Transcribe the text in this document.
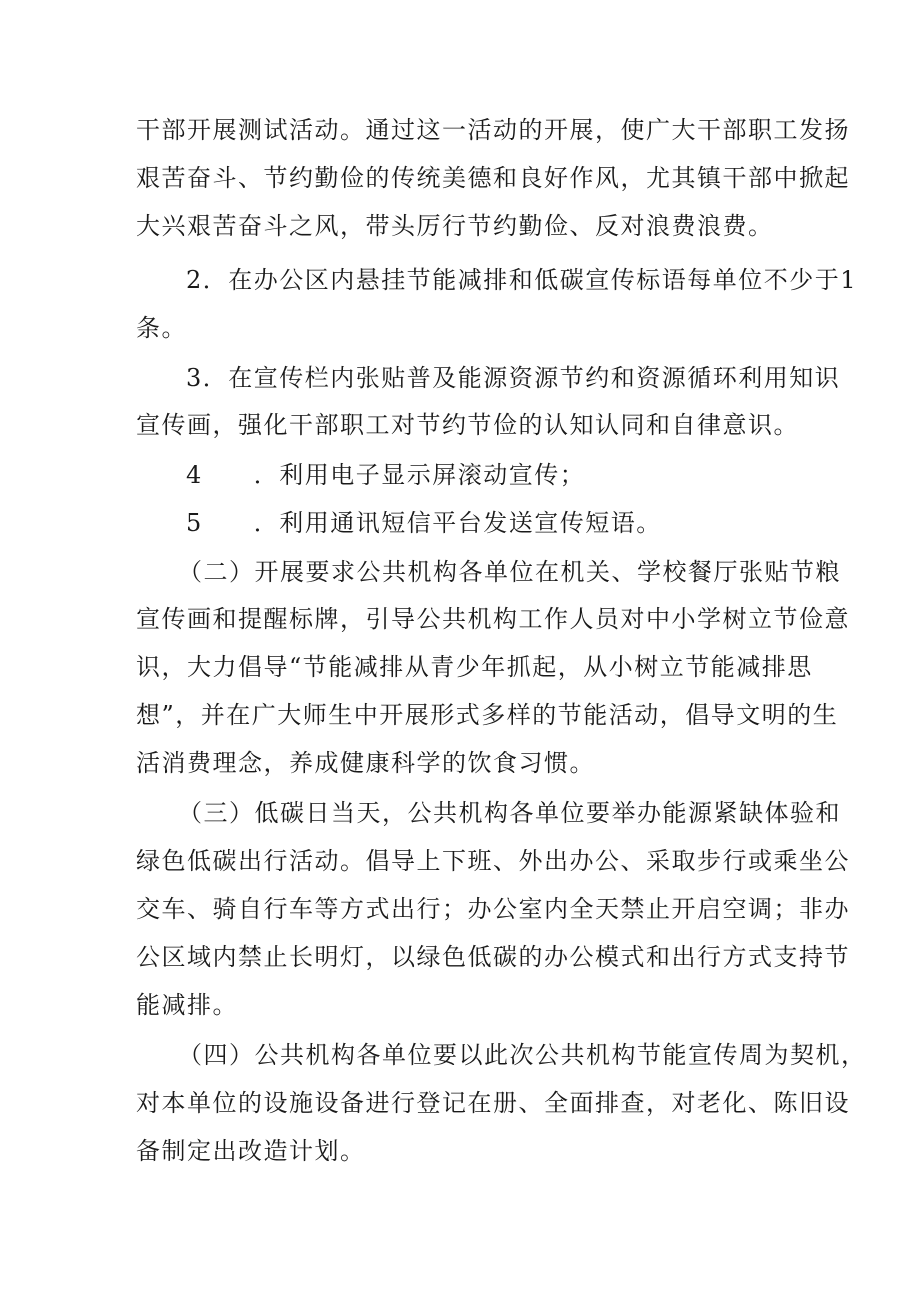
干部开展测试活动。通过这一活动的开展，使广大干部职工发扬
艰苦奋斗、节约勤俭的传统美德和良好作风，尤其镇干部中掀起
大兴艰苦奋斗之风，带头厉行节约勤俭、反对浪费浪费。
2．在办公区内悬挂节能减排和低碳宣传标语每单位不少于1
条。
3．在宣传栏内张贴普及能源资源节约和资源循环利用知识
宣传画，强化干部职工对节约节俭的认知认同和自律意识。
4　　．利用电子显示屏滚动宣传；
5　　．利用通讯短信平台发送宣传短语。
（二）开展要求公共机构各单位在机关、学校餐厅张贴节粮
宣传画和提醒标牌，引导公共机构工作人员对中小学树立节俭意
识，大力倡导“节能减排从青少年抓起，从小树立节能减排思
想”，并在广大师生中开展形式多样的节能活动，倡导文明的生
活消费理念，养成健康科学的饮食习惯。
（三）低碳日当天，公共机构各单位要举办能源紧缺体验和
绿色低碳出行活动。倡导上下班、外出办公、采取步行或乘坐公
交车、骑自行车等方式出行；办公室内全天禁止开启空调；非办
公区域内禁止长明灯，以绿色低碳的办公模式和出行方式支持节
能减排。
（四）公共机构各单位要以此次公共机构节能宣传周为契机，
对本单位的设施设备进行登记在册、全面排查，对老化、陈旧设
备制定出改造计划。
